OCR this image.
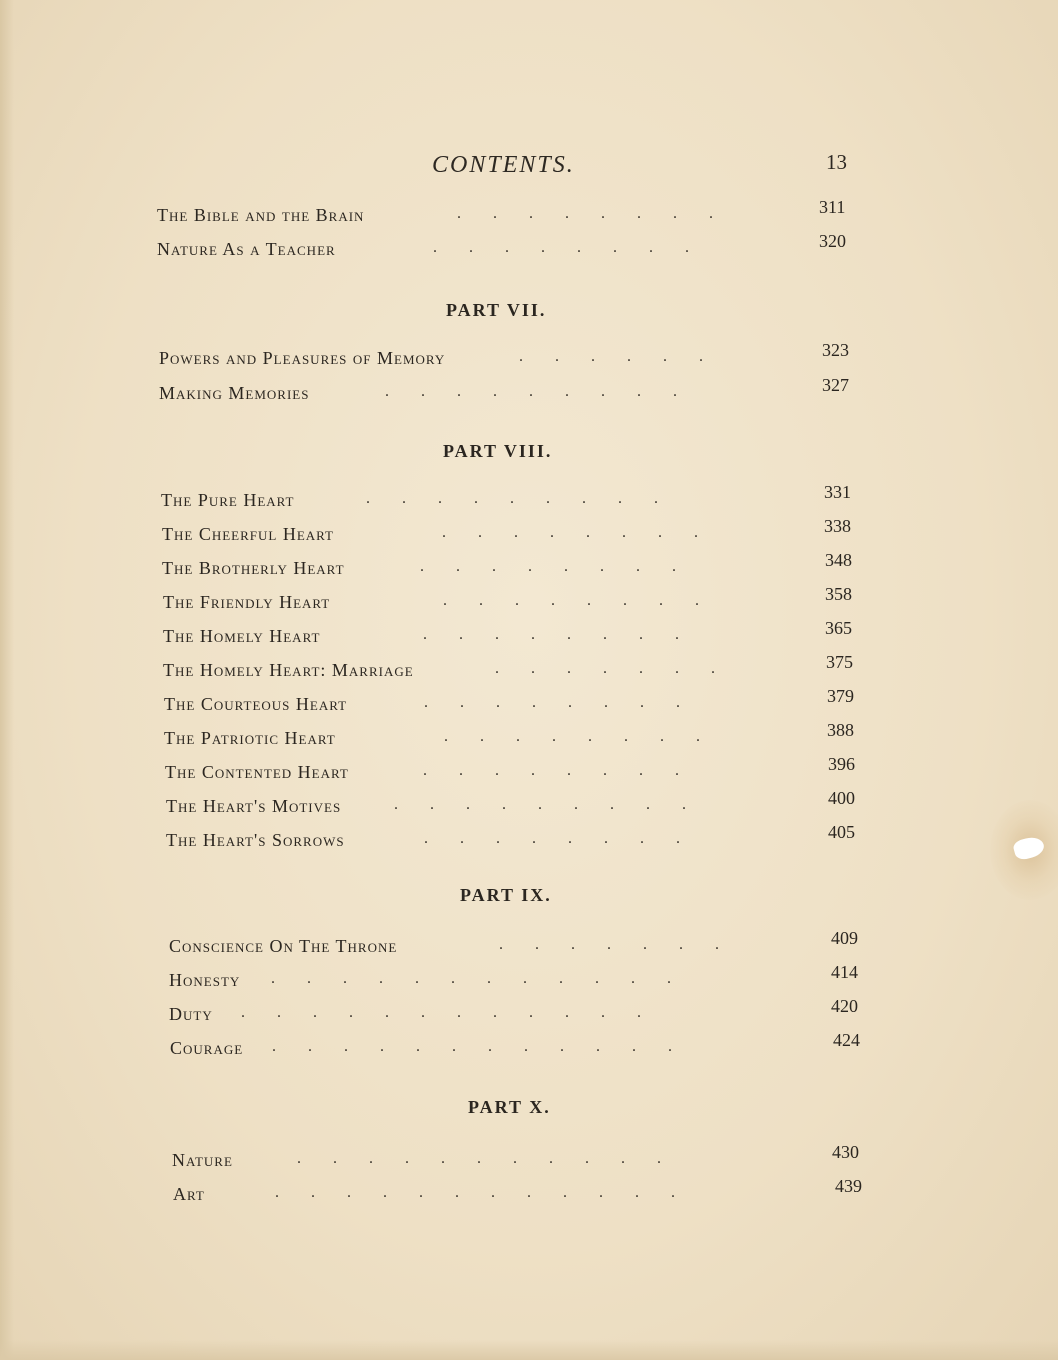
CONTENTS.	13
The Bible and the Brain	.        .        .        .        .        .        .        .	311
Nature As a Teacher	.        .        .        .        .        .        .        .	320
PART VII.
Powers and Pleasures of Memory	.        .        .        .        .        .	323
Making Memories	.        .        .        .        .        .        .        .        .	327
PART VIII.
The Pure Heart	.        .        .        .        .        .        .        .        .	331
The Cheerful Heart	.        .        .        .        .        .        .        .	338
The Brotherly Heart	.        .        .        .        .        .        .        .	348
The Friendly Heart	.        .        .        .        .        .        .        .	358
The Homely Heart	.        .        .        .        .        .        .        .	365
The Homely Heart: Marriage	.        .        .        .        .        .        .	375
The Courteous Heart	.        .        .        .        .        .        .        .	379
The Patriotic Heart	.        .        .        .        .        .        .        .	388
The Contented Heart	.        .        .        .        .        .        .        .	396
The Heart's Motives	.        .        .        .        .        .        .        .        .	400
The Heart's Sorrows	.        .        .        .        .        .        .        .	405
PART IX.
Conscience On The Throne	.        .        .        .        .        .        .	409
Honesty .        .        .        .        .        .        .        .        .        .        .        .	414
Duty .        .        .        .        .        .        .        .        .        .        .        .	420
Courage .        .        .        .        .        .        .        .        .        .        .        .	424
PART X.
Nature	.        .        .        .        .        .        .        .        .        .        .	430
Art	.        .        .        .        .        .        .        .        .        .        .        .	439
